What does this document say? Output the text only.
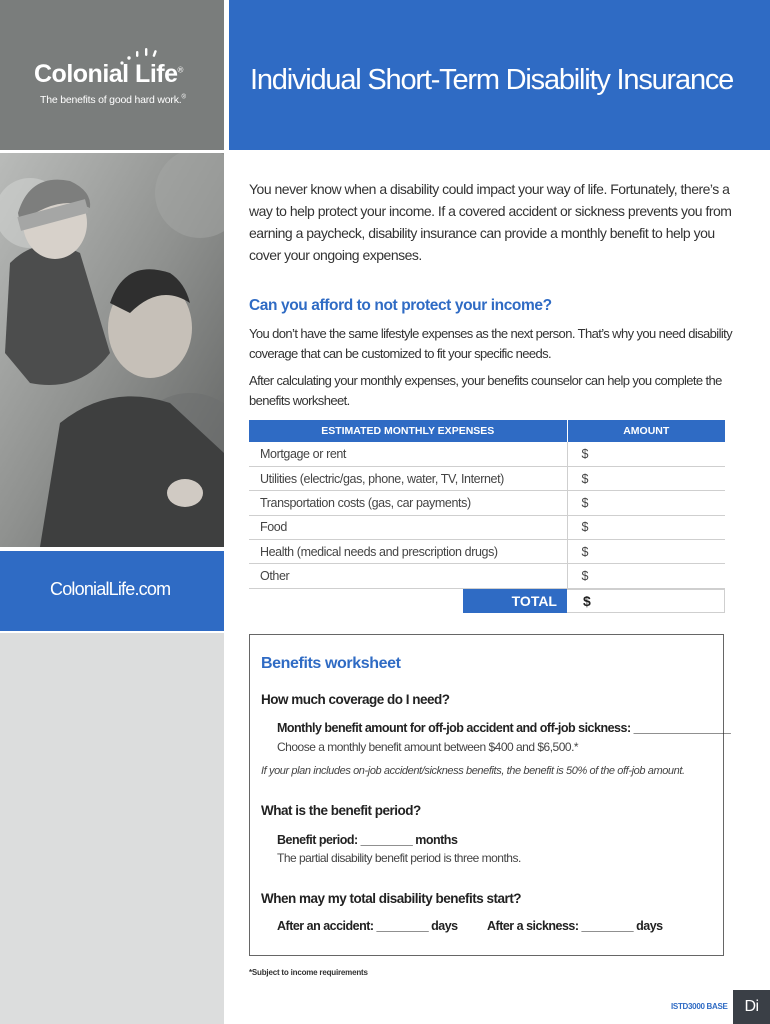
Colonial Life®
The benefits of good hard work.®
Individual Short-Term Disability Insurance
ColonialLife.com

You never know when a disability could impact your way of life. Fortunately, there’s a way to help protect your income. If a covered accident or sickness prevents you from earning a paycheck, disability insurance can provide a monthly benefit to help you cover your ongoing expenses.

Can you afford to not protect your income?

You don’t have the same lifestyle expenses as the next person. That’s why you need disability coverage that can be customized to fit your specific needs.

After calculating your monthly expenses, your benefits counselor can help you complete the benefits worksheet.

ESTIMATED MONTHLY EXPENSES	AMOUNT
Mortgage or rent	$
Utilities (electric/gas, phone, water, TV, Internet)	$
Transportation costs (gas, car payments)	$
Food	$
Health (medical needs and prescription drugs)	$
Other	$
TOTAL	$
Benefits worksheet
How much coverage do I need?
Monthly benefit amount for off-job accident and off-job sickness: _______________
Choose a monthly benefit amount between $400 and $6,500.*
If your plan includes on-job accident/sickness benefits, the benefit is 50% of the off-job amount.
What is the benefit period?
Benefit period: ________ months
The partial disability benefit period is three months.
When may my total disability benefits start?
After an accident: ________ days After a sickness: ________ days
*Subject to income requirements
ISTD3000 BASE	Di
